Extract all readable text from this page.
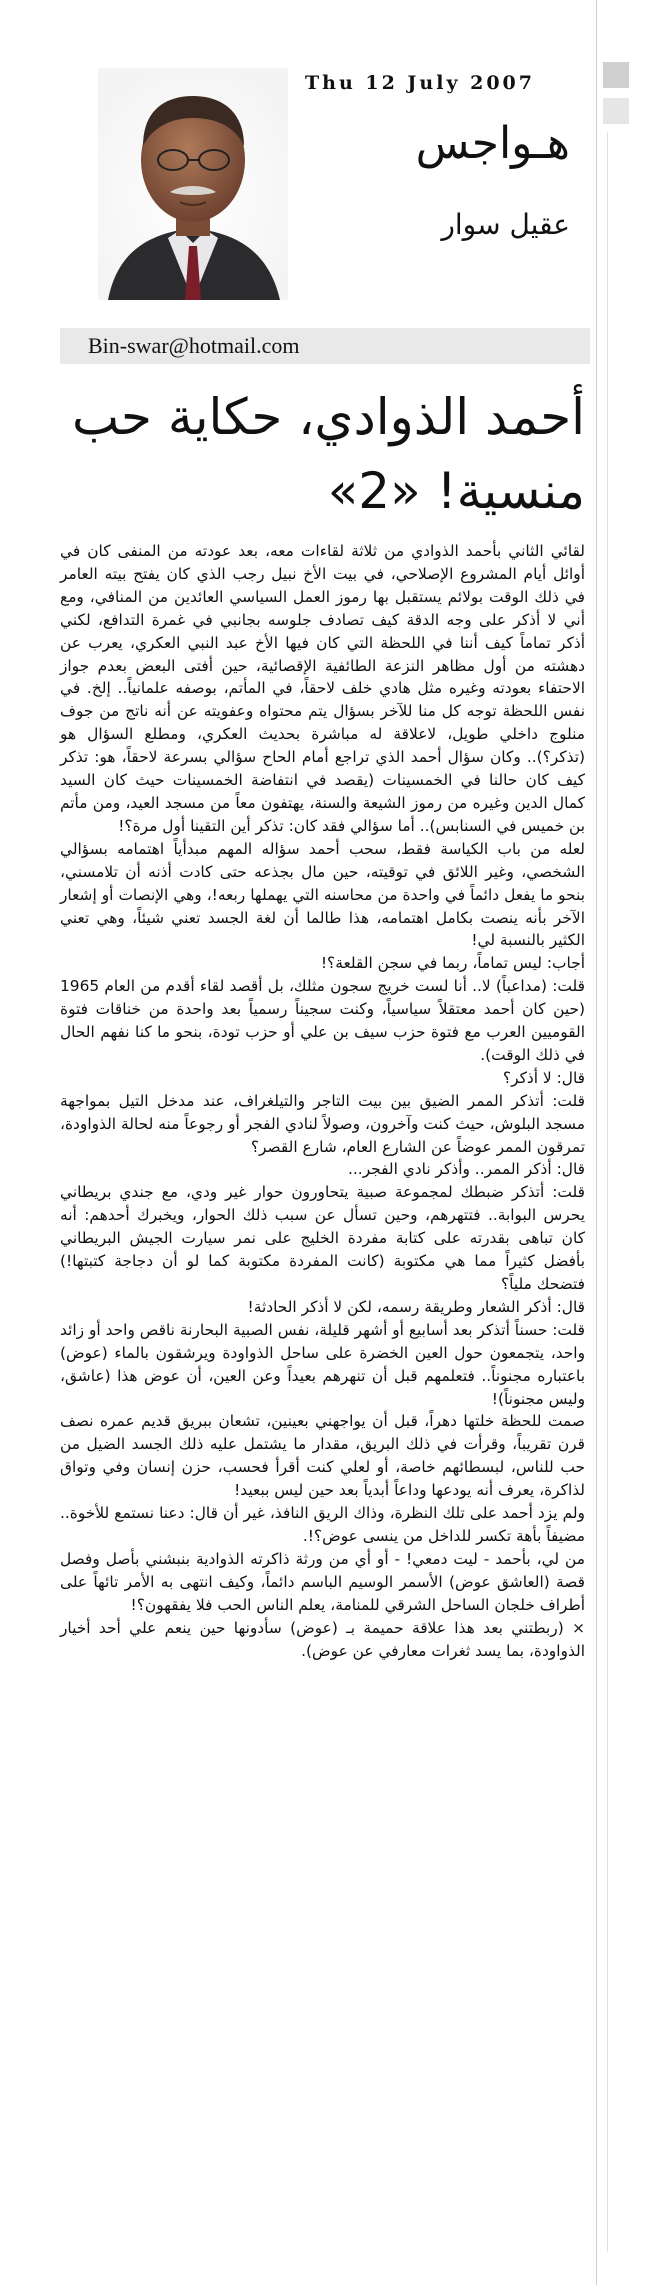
Thu 12 July 2007
هـواجس
عقيل سوار
Bin-swar@hotmail.com
أحمد الذوادي، حكاية حب منسية! «2»

لقائي الثاني بأحمد الذوادي من ثلاثة لقاءات معه، بعد عودته من المنفى كان في أوائل أيام المشروع الإصلاحي، في بيت الأخ نبيل رجب الذي كان يفتح بيته العامر في ذلك الوقت بولائم يستقبل بها رموز العمل السياسي العائدين من المنافي، ومع أني لا أذكر على وجه الدقة كيف تصادف جلوسه بجانبي في غمرة التدافع، لكني أذكر تماماً كيف أننا في اللحظة التي كان فيها الأخ عبد النبي العكري، يعرب عن دهشته من أول مظاهر النزعة الطائفية الإقصائية، حين أفتى البعض بعدم جواز الاحتفاء بعودته وغيره مثل هادي خلف لاحقاً، في المأتم، بوصفه علمانياً.. إلخ. في نفس اللحظة توجه كل منا للآخر بسؤال يتم محتواه وعفويته عن أنه ناتج من جوف منلوج داخلي طويل، لاعلاقة له مباشرة بحديث العكري، ومطلع السؤال هو (تذكر؟).. وكان سؤال أحمد الذي تراجع أمام الحاح سؤالي بسرعة لاحقاً، هو: تذكر كيف كان حالنا في الخمسينات (يقصد في انتفاضة الخمسينات حيث كان السيد كمال الدين وغيره من رموز الشيعة والسنة، يهتفون معاً من مسجد العيد، ومن مأتم بن خميس في السنابس).. أما سؤالي فقد كان: تذكر أين التقينا أول مرة؟!

لعله من باب الكياسة فقط، سحب أحمد سؤاله المهم مبدأياً اهتمامه بسؤالي الشخصي، وغير اللائق في توقيته، حين مال بجذعه حتى كادت أذنه أن تلامسني، بنحو ما يفعل دائماً في واحدة من محاسنه التي يهملها ربعه!، وهي الإنصات أو إشعار الآخر بأنه ينصت بكامل اهتمامه، هذا طالما أن لغة الجسد تعني شيئاً، وهي تعني الكثير بالنسبة لي!

أجاب: ليس تماماً، ربما في سجن القلعة؟!

قلت: (مداعباً) لا.. أنا لست خريج سجون مثلك، بل أقصد لقاء أقدم من العام 1965 (حين كان أحمد معتقلاً سياسياً، وكنت سجيناً رسمياً بعد واحدة من خناقات فتوة القوميين العرب مع فتوة حزب سيف بن علي أو حزب تودة، بنحو ما كنا نفهم الحال في ذلك الوقت).

قال: لا أذكر؟

قلت: أتذكر الممر الضيق بين بيت التاجر والتيلغراف، عند مدخل التيل بمواجهة مسجد البلوش، حيث كنت وآخرون، وصولاً لنادي الفجر أو رجوعاً منه لحالة الذواودة، تمرقون الممر عوضاً عن الشارع العام، شارع القصر؟

قال: أذكر الممر.. وأذكر نادي الفجر...

قلت: أتذكر ضبطك لمجموعة صبية يتحاورون حوار غير ودي، مع جندي بريطاني يحرس البوابة.. فتتهرهم، وحين تسأل عن سبب ذلك الحوار، ويخبرك أحدهم: أنه كان تباهى بقدرته على كتابة مفردة الخليج على نمر سيارت الجيش البريطاني بأفضل كثيراً مما هي مكتوبة (كانت المفردة مكتوبة كما لو أن دجاجة كتبتها!) فتضحك ملياً؟

قال: أذكر الشعار وطريقة رسمه، لكن لا أذكر الحادثة!

قلت: حسناً أتذكر بعد أسابيع أو أشهر قليلة، نفس الصبية البحارنة ناقص واحد أو زائد واحد، يتجمعون حول العين الخضرة على ساحل الذواودة ويرشقون بالماء (عوض) باعتباره مجنوناً.. فتعلمهم قبل أن تنهرهم بعيداً وعن العين، أن عوض هذا (عاشق، وليس مجنوناً)!

صمت للحظة خلتها دهراً، قبل أن يواجهني بعينين، تشعان ببريق قديم عمره نصف قرن تقريباً، وقرأت في ذلك البريق، مقدار ما يشتمل عليه ذلك الجسد الضيل من حب للناس، لبسطائهم خاصة، أو لعلي كنت أقرأ فحسب، حزن إنسان وفي وتواق لذاكرة، يعرف أنه يودعها وداعاً أبدياً بعد حين ليس ببعيد!

ولم يزد أحمد على تلك النظرة، وذاك الريق النافذ، غير أن قال: دعنا نستمع للأخوة.. مضيفاً بأهة تكسر للداخل من ينسى عوض؟!.

من لي، بأحمد - ليت دمعي! - أو أي من ورثة ذاكرته الذوادية بنبشني بأصل وفصل قصة (العاشق عوض) الأسمر الوسيم الباسم دائماً، وكيف انتهى به الأمر تائهاً على أطراف خلجان الساحل الشرقي للمنامة، يعلم الناس الحب فلا يفقهون؟!

× (ربطتني بعد هذا علاقة حميمة بـ (عوض) سأدونها حين ينعم علي أحد أخيار الذواودة، بما يسد ثغرات معارفي عن عوض).
